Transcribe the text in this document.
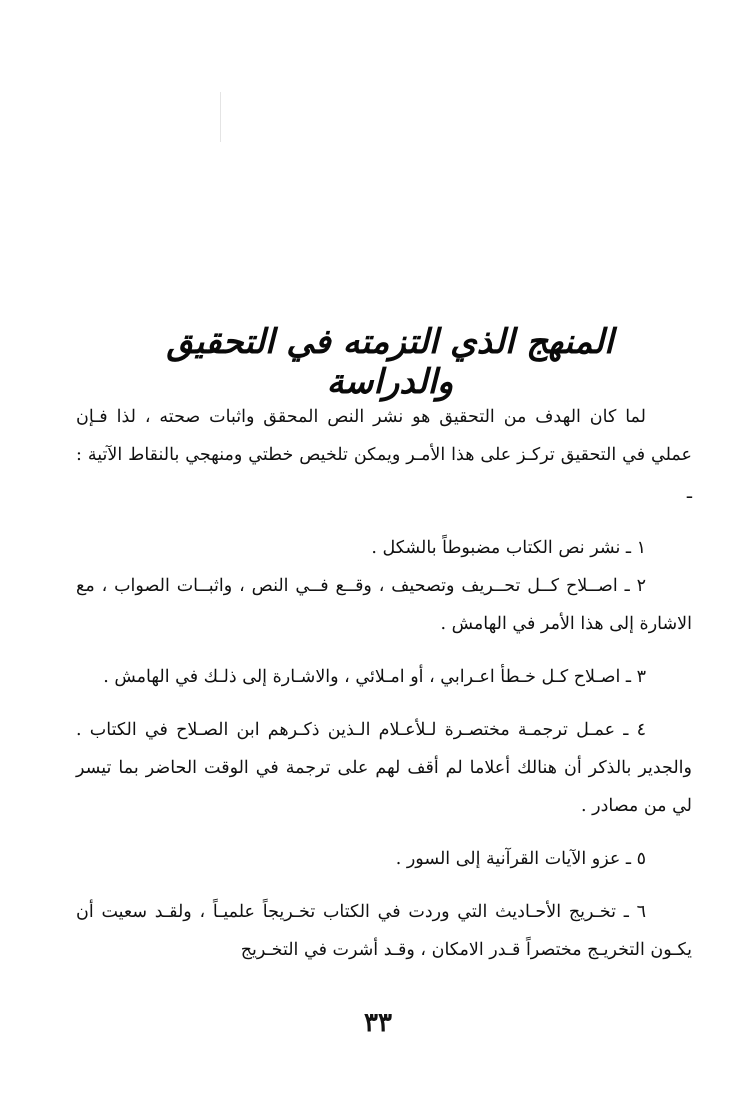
المنهج الذي التزمته في التحقيق والدراسة

لما كان الهدف من التحقيق هو نشر النص المحقق واثبات صحته ، لذا فـإن عملي في التحقيق تركـز على هذا الأمـر ويمكن تلخيص خطتي ومنهجي بالنقاط الآتية : ـ

١ ـ نشر نص الكتاب مضبوطاً بالشكل .

٢ ـ اصــلاح كــل تحــريف وتصحيف ، وقــع فــي النص ، واثبــات الصواب ، مع الاشارة إلى هذا الأمر في الهامش .

٣ ـ اصـلاح كـل خـطأ اعـرابي ، أو امـلائي ، والاشـارة إلى ذلـك في الهامش .

٤ ـ عمـل ترجمـة مختصـرة لـلأعـلام الـذين ذكـرهم ابن الصـلاح في الكتاب . والجدير بالذكر أن هنالك أعلاما لم أقف لهم على ترجمة في الوقت الحاضر بما تيسر لي من مصادر .

٥ ـ عزو الآيات القرآنية إلى السور .

٦ ـ تخـريج الأحـاديث التي وردت في الكتاب تخـريجاً علميـاً ، ولقـد سعيت أن يكـون التخريـج مختصراً قـدر الامكان ، وقـد أشرت في التخـريج

٣٣
